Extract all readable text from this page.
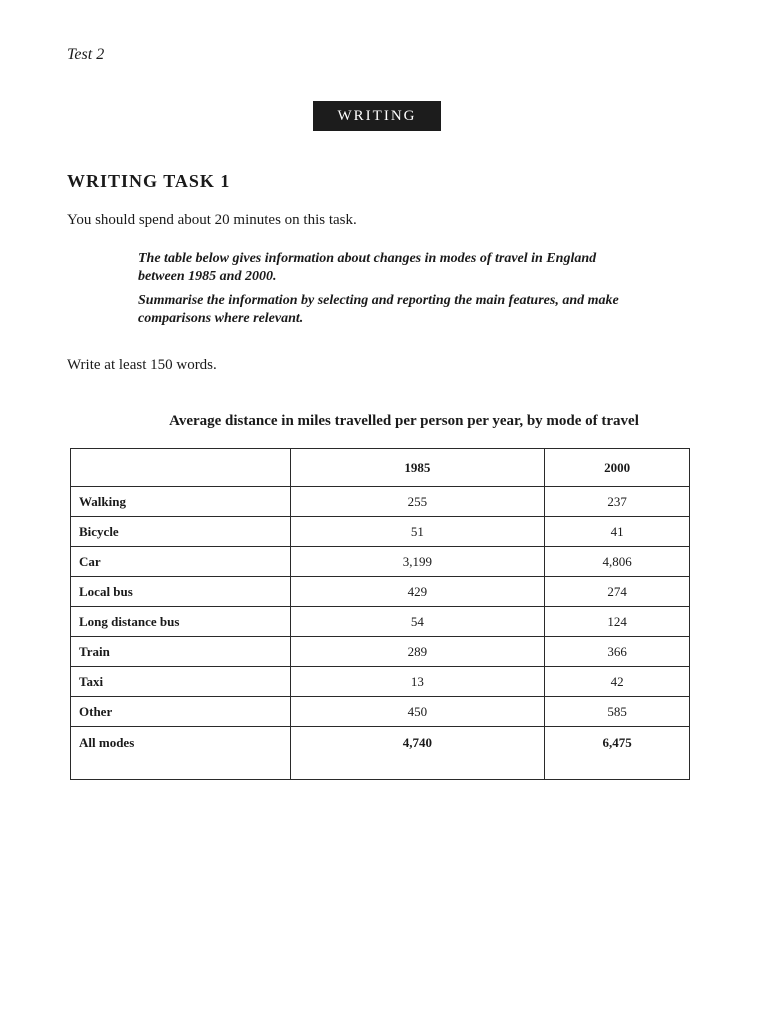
Test 2
WRITING
WRITING TASK 1
You should spend about 20 minutes on this task.

The table below gives information about changes in modes of travel in England between 1985 and 2000.

Summarise the information by selecting and reporting the main features, and make comparisons where relevant.

Write at least 150 words.
Average distance in miles travelled per person per year, by mode of travel
	1985	2000
Walking	255	237
Bicycle	51	41
Car	3,199	4,806
Local bus	429	274
Long distance bus	54	124
Train	289	366
Taxi	13	42
Other	450	585
All modes	4,740	6,475
